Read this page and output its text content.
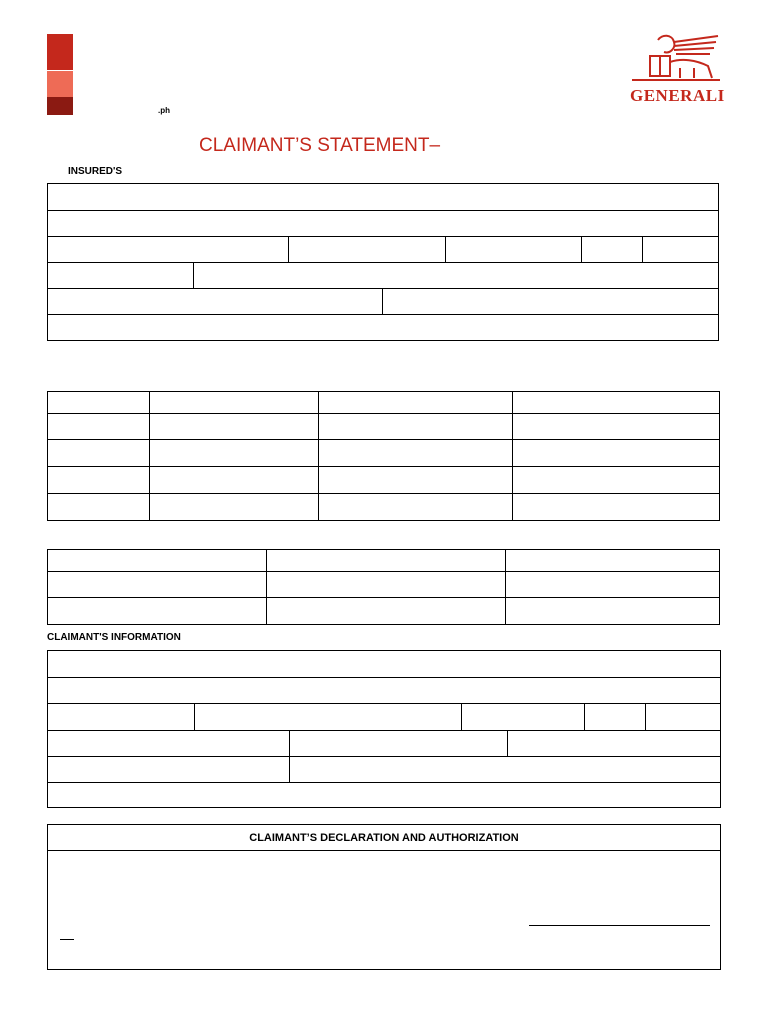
.ph
GENERALI
CLAIMANT’S STATEMENT–
INSURED'S

CLAIMANT'S INFORMATION
CLAIMANT’S DECLARATION AND AUTHORIZATION
